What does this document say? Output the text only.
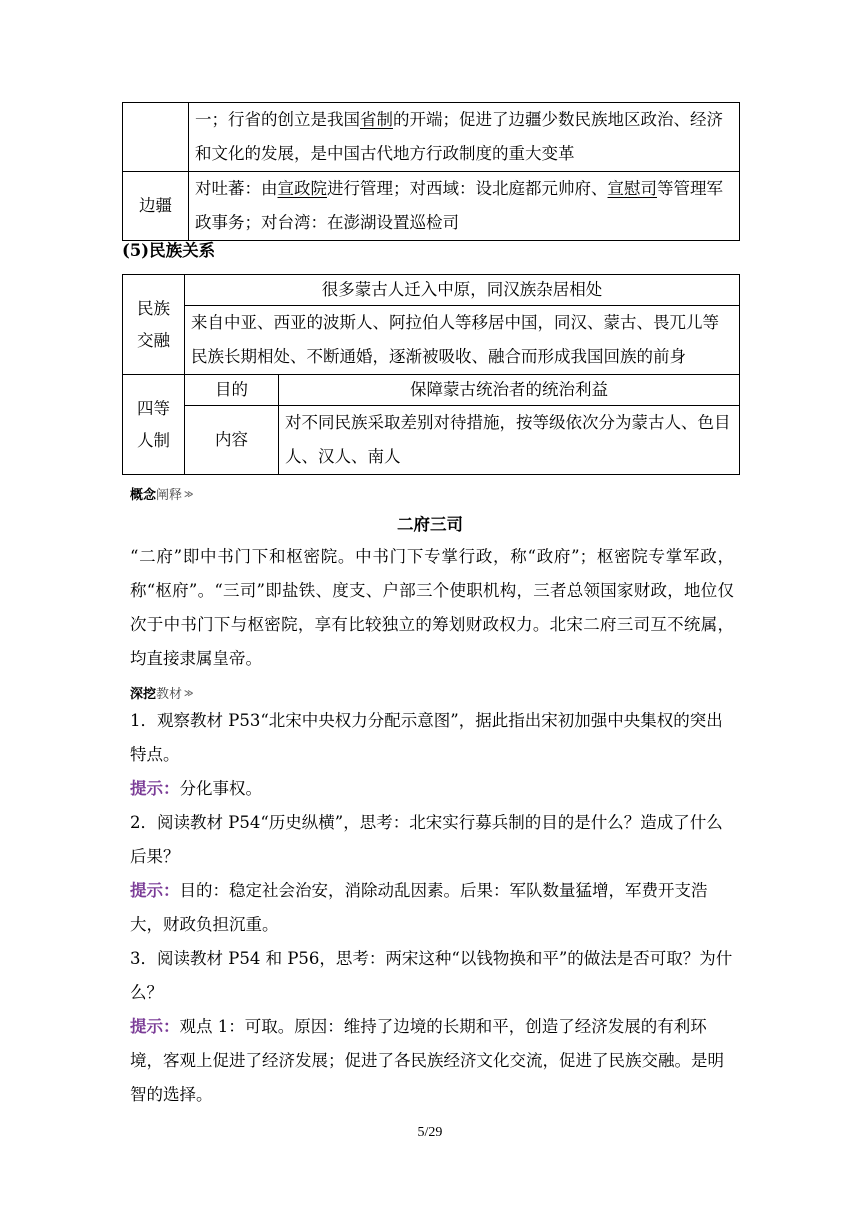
	一；行省的创立是我国省制的开端；促进了边疆少数民族地区政治、经济和文化的发展，是中国古代地方行政制度的重大变革
边疆	对吐蕃：由宣政院进行管理；对西域：设北庭都元帅府、宣慰司等管理军政事务；对台湾：在澎湖设置巡检司
(5)民族关系
民族交融	很多蒙古人迁入中原，同汉族杂居相处	
	来自中亚、西亚的波斯人、阿拉伯人等移居中国，同汉、蒙古、畏兀儿等民族长期相处、不断通婚，逐渐被吸收、融合而形成我国回族的前身	
四等人制	目的	保障蒙古统治者的统治利益
	内容	对不同民族采取差别对待措施，按等级依次分为蒙古人、色目人、汉人、南人
概念阐释 ≫
二府三司
“二府”即中书门下和枢密院。中书门下专掌行政，称“政府”；枢密院专掌军政，称“枢府”。“三司”即盐铁、度支、户部三个使职机构，三者总领国家财政，地位仅次于中书门下与枢密院，享有比较独立的筹划财政权力。北宋二府三司互不统属，均直接隶属皇帝。
深挖教材 ≫
1．观察教材 P53“北宋中央权力分配示意图”，据此指出宋初加强中央集权的突出特点。
提示：分化事权。
2．阅读教材 P54“历史纵横”，思考：北宋实行募兵制的目的是什么？造成了什么后果？
提示：目的：稳定社会治安，消除动乱因素。后果：军队数量猛增，军费开支浩大，财政负担沉重。
3．阅读教材 P54 和 P56，思考：两宋这种“以钱物换和平”的做法是否可取？为什么？
提示：观点 1：可取。原因：维持了边境的长期和平，创造了经济发展的有利环境，客观上促进了经济发展；促进了各民族经济文化交流，促进了民族交融。是明智的选择。
5/29
